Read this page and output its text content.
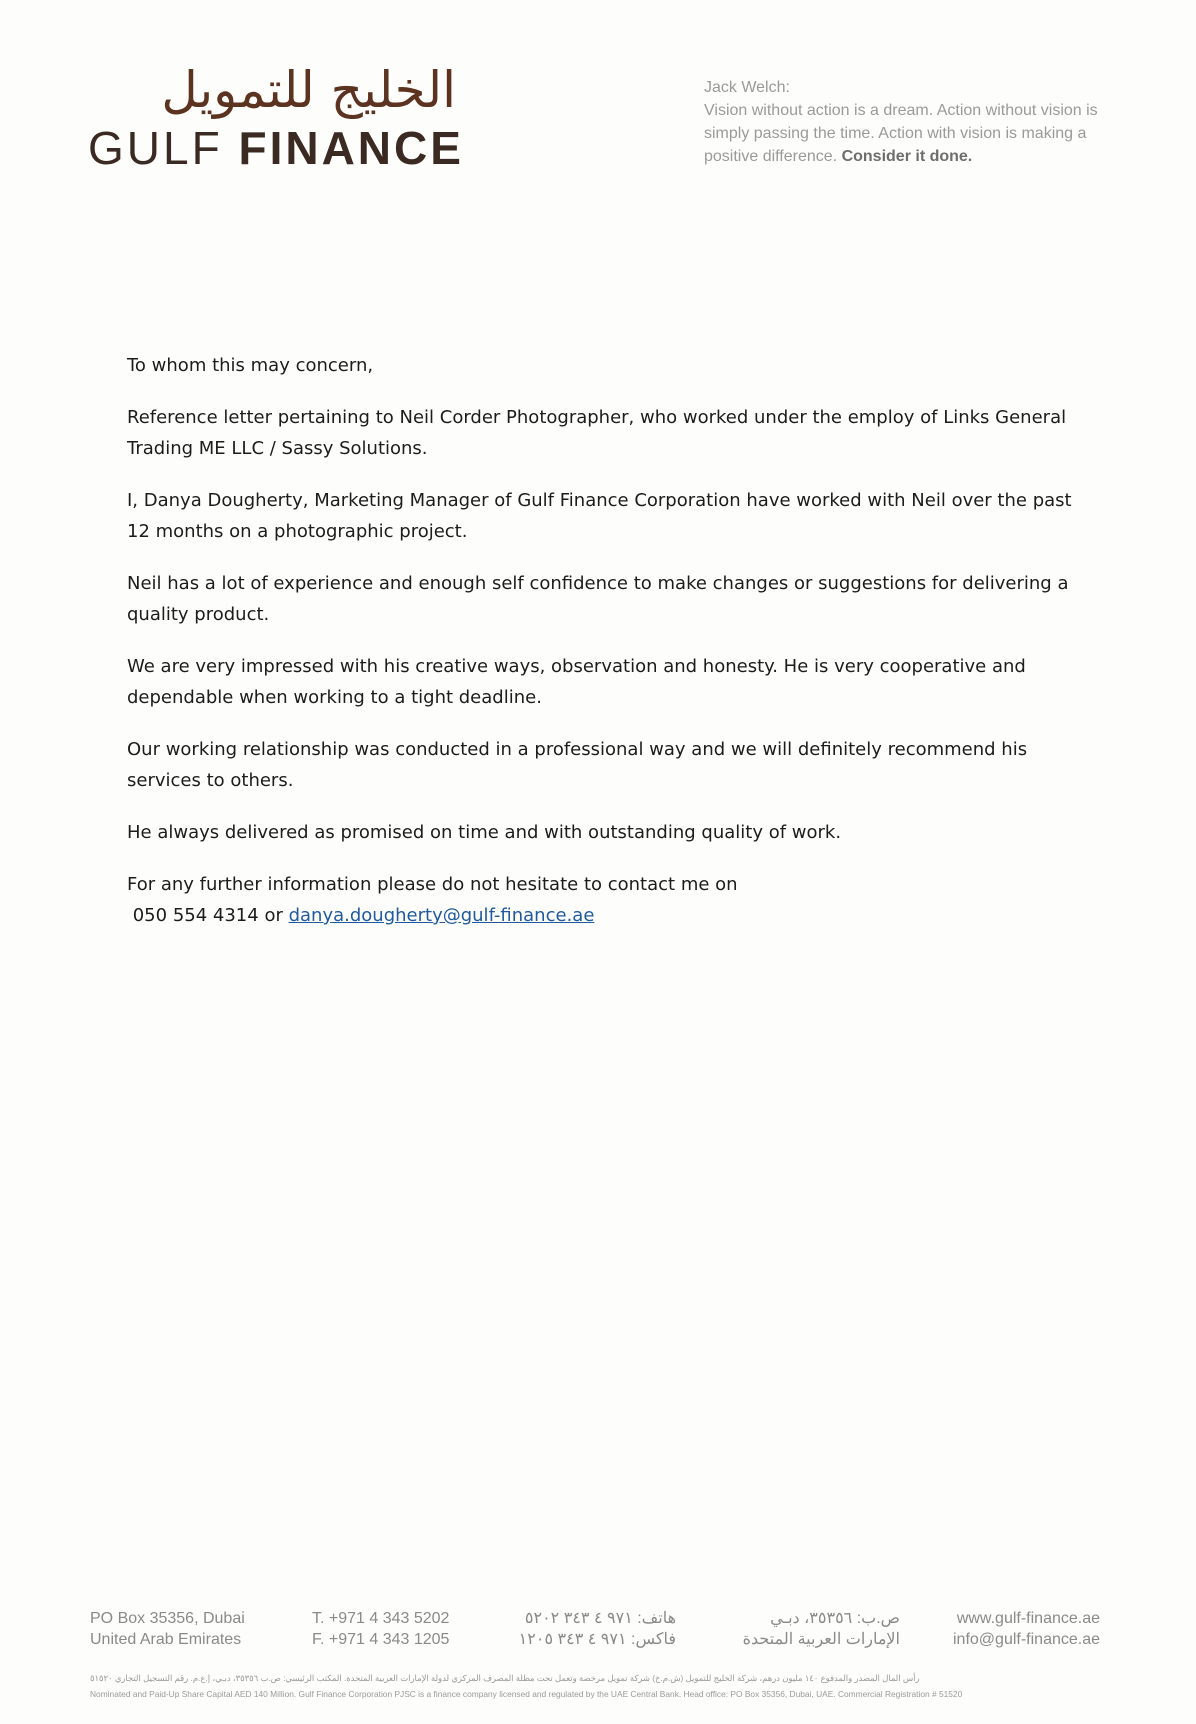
الخليج للتمويل
GULF FINANCE
Jack Welch:
Vision without action is a dream. Action without vision is simply passing the time. Action with vision is making a positive difference. Consider it done.

To whom this may concern,

Reference letter pertaining to Neil Corder Photographer, who worked under the employ of Links General Trading ME LLC / Sassy Solutions.

I, Danya Dougherty, Marketing Manager of Gulf Finance Corporation have worked with Neil over the past 12 months on a photographic project.

Neil has a lot of experience and enough self confidence to make changes or suggestions for delivering a quality product.

We are very impressed with his creative ways, observation and honesty. He is very cooperative and dependable when working to a tight deadline.

Our working relationship was conducted in a professional way and we will definitely recommend his services to others.

He always delivered as promised on time and with outstanding quality of work.

For any further information please do not hesitate to contact me on
050 554 4314 or danya.dougherty@gulf-finance.ae

PO Box 35356, Dubai
United Arab Emirates
T. +971 4 343 5202
F. +971 4 343 1205
هاتف: ٩٧١ ٤ ٣٤٣ ٥٢٠٢
فاكس: ٩٧١ ٤ ٣٤٣ ١٢٠٥
ص.ب: ٣٥٣٥٦، دبـي
الإمارات العربية المتحدة
www.gulf-finance.ae
info@gulf-finance.ae
رأس المال المصدر والمدفوع ١٤٠ مليون درهم، شركة الخليج للتمويل (ش.م.خ) شركة تمويل مرخصة وتعمل تحت مظلة المصرف المركزي لدولة الإمارات العربية المتحدة. المكتب الرئيسي: ص.ب ٣٥٣٥٦، دبـي، إ.ع.م. رقم التسجيل التجاري ٥١٥٢٠
Nominated and Paid-Up Share Capital AED 140 Million. Gulf Finance Corporation PJSC is a finance company licensed and regulated by the UAE Central Bank. Head office: PO Box 35356, Dubai, UAE. Commercial Registration # 51520
